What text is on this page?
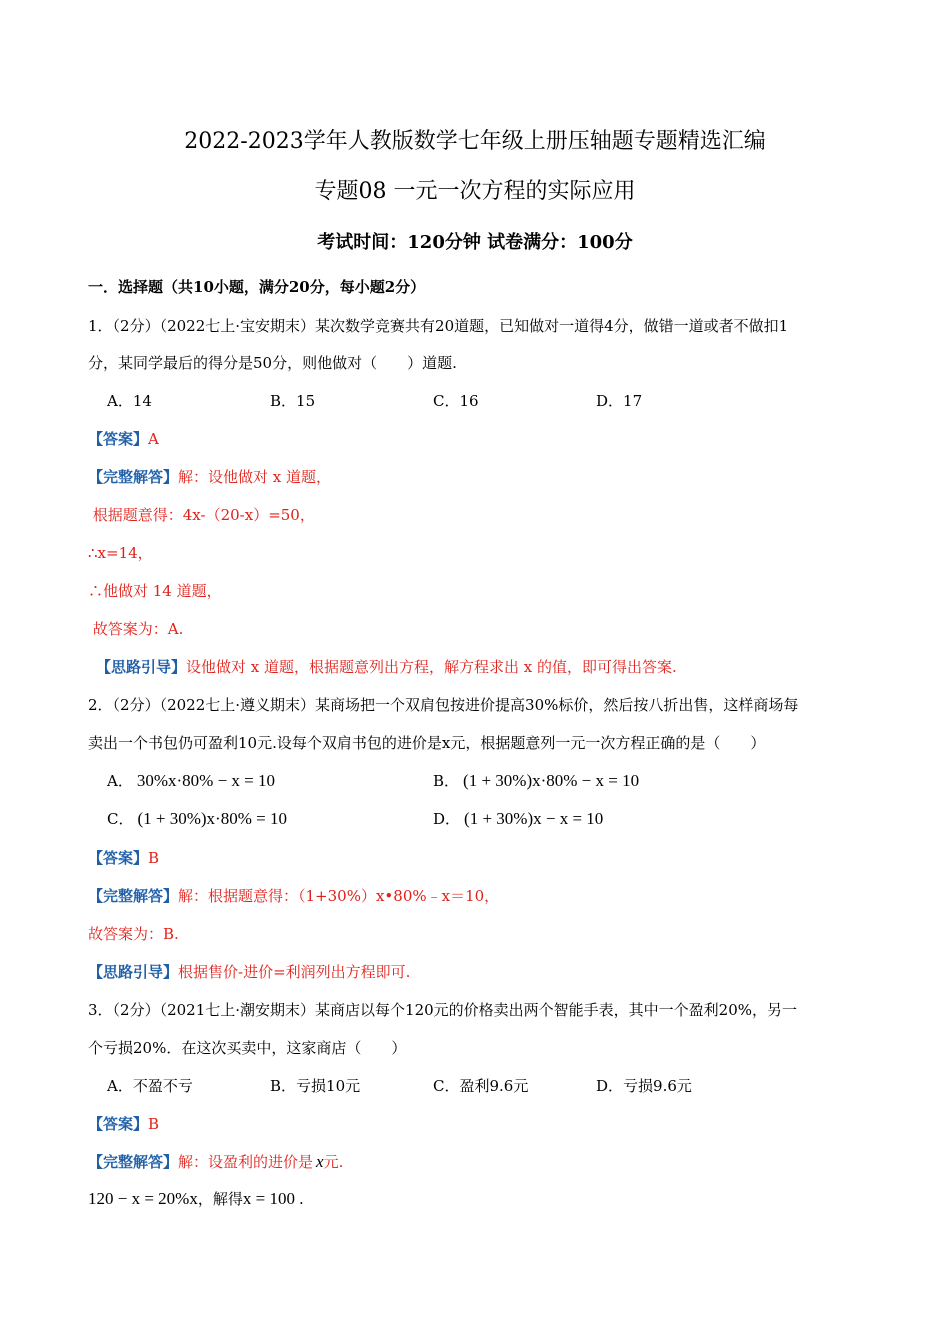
2022-2023学年人教版数学七年级上册压轴题专题精选汇编
专题08 一元一次方程的实际应用
考试时间：120分钟 试卷满分：100分
一．选择题（共10小题，满分20分，每小题2分）
1．（2分）（2022七上·宝安期末）某次数学竞赛共有20道题，已知做对一道得4分，做错一道或者不做扣1
分，某同学最后的得分是50分，则他做对（　　）道题.
A．14	B．15	C．16	D．17
【答案】A
【完整解答】解：设他做对 x 道题，
根据题意得：4x-（20-x）=50，
∴x=14，
∴他做对 14 道题，
故答案为：A.
【思路引导】设他做对 x 道题，根据题意列出方程，解方程求出 x 的值，即可得出答案.
2．（2分）（2022七上·遵义期末）某商场把一个双肩包按进价提高30%标价，然后按八折出售，这样商场每
卖出一个书包仍可盈利10元.设每个双肩书包的进价是x元，根据题意列一元一次方程正确的是（　　）
A． 30%x·80% − x = 10	B． (1 + 30%)x·80% − x = 10
C． (1 + 30%)x·80% = 10	D． (1 + 30%)x − x = 10
【答案】B
【完整解答】解：根据题意得：（1+30%）x•80%﹣x＝10，
故答案为：B.
【思路引导】根据售价-进价=利润列出方程即可.
3．（2分）（2021七上·潮安期末）某商店以每个120元的价格卖出两个智能手表，其中一个盈利20%，另一
个亏损20%．在这次买卖中，这家商店（　　）
A．不盈不亏	B．亏损10元	C．盈利9.6元	D．亏损9.6元
【答案】B
【完整解答】解：设盈利的进价是 x元.
120 − x = 20%x，解得x = 100 .
